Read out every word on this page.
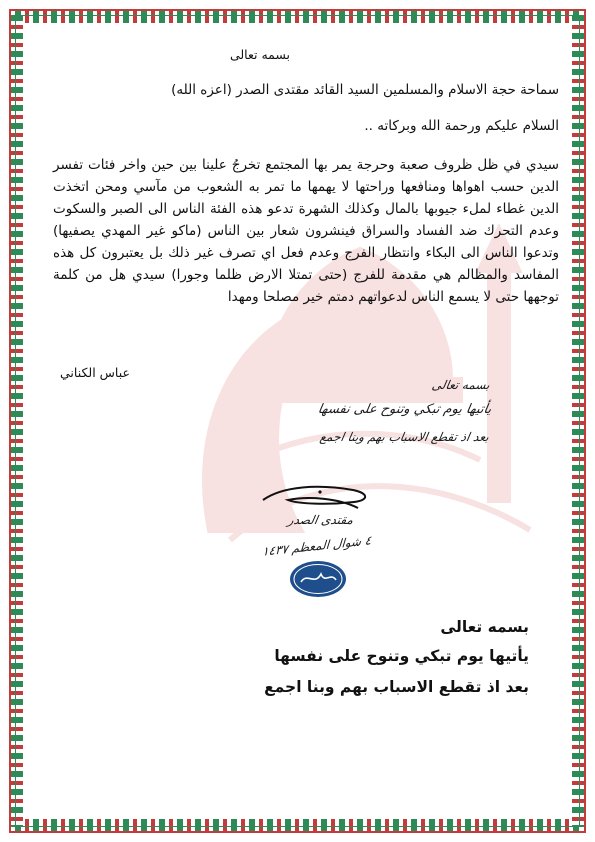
بسمه تعالى
سماحة حجة الاسلام والمسلمين السيد القائد مقتدى الصدر (اعزه الله)
السلام عليكم ورحمة الله وبركاته ..
سيدي في ظل ظروف صعبة وحرجة يمر بها المجتمع تخرجُ علينا بين حين واخر فئات تفسر الدين حسب اهواها ومنافعها وراحتها لا يهمها ما تمر به الشعوب من مآسي ومحن اتخذت الدين غطاء لملء جيوبها بالمال وكذلك الشهرة تدعو هذه الفئة الناس الى الصبر والسكوت وعدم التحرك ضد الفساد والسراق فينشرون شعار بين الناس (ماكو غير المهدي يصفيها) وتدعوا الناس الى البكاء وانتظار الفرج وعدم فعل اي تصرف غير ذلك بل يعتبرون كل هذه المفاسد والمظالم هي مقدمة للفرج (حتى تمتلا الارض ظلما وجورا) سيدي هل من كلمة توجهها حتى لا يسمع الناس لدعواتهم دمتم خير مصلحا ومهدا
عباس الكناني
بسمه تعالى
يأتيها يوم تبكي وتنوح على نفسها
بعد اذ تقطع الاسباب بهم وبنا اجمع
مقتدى الصدر
٤ شوال المعظم ١٤٣٧
بسمه تعالى
يأتيها يوم تبكي وتنوح على نفسها
بعد اذ تقطع الاسباب بهم وبنا اجمع
